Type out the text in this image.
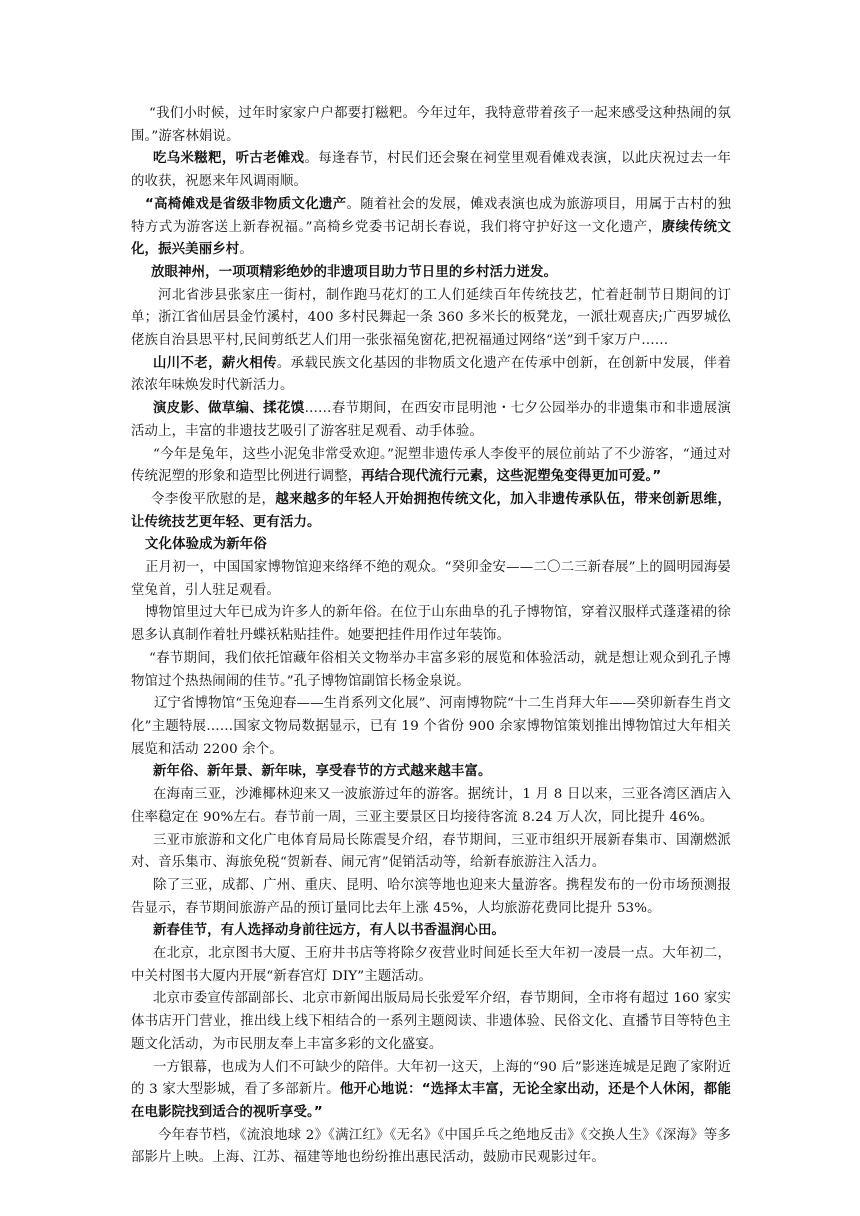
“我们小时候，过年时家家户户都要打糍粑。今年过年，我特意带着孩子一起来感受这种热闹的氛围。”游客林娟说。

吃乌米糍粑，听古老傩戏。每逢春节，村民们还会聚在祠堂里观看傩戏表演，以此庆祝过去一年的收获，祝愿来年风调雨顺。

“高椅傩戏是省级非物质文化遗产。随着社会的发展，傩戏表演也成为旅游项目，用属于古村的独特方式为游客送上新春祝福。”高椅乡党委书记胡长春说，我们将守护好这一文化遗产，赓续传统文化，振兴美丽乡村。

放眼神州，一项项精彩绝妙的非遗项目助力节日里的乡村活力迸发。

河北省涉县张家庄一街村，制作跑马花灯的工人们延续百年传统技艺，忙着赶制节日期间的订单；浙江省仙居县金竹溪村，400 多村民舞起一条 360 多米长的板凳龙，一派壮观喜庆;广西罗城仫佬族自治县思平村,民间剪纸艺人们用一张张福兔窗花,把祝福通过网络“送”到千家万户……

山川不老，薪火相传。承载民族文化基因的非物质文化遗产在传承中创新，在创新中发展，伴着浓浓年味焕发时代新活力。

演皮影、做草编、揉花馍……春节期间，在西安市昆明池・七夕公园举办的非遗集市和非遗展演活动上，丰富的非遗技艺吸引了游客驻足观看、动手体验。

“今年是兔年，这些小泥兔非常受欢迎。”泥塑非遗传承人李俊平的展位前站了不少游客，“通过对传统泥塑的形象和造型比例进行调整，再结合现代流行元素，这些泥塑兔变得更加可爱。”

令李俊平欣慰的是，越来越多的年轻人开始拥抱传统文化，加入非遗传承队伍，带来创新思维，让传统技艺更年轻、更有活力。

文化体验成为新年俗

正月初一，中国国家博物馆迎来络绎不绝的观众。“癸卯金安——二〇二三新春展”上的圆明园海晏堂兔首，引人驻足观看。

博物馆里过大年已成为许多人的新年俗。在位于山东曲阜的孔子博物馆，穿着汉服样式蓬蓬裙的徐恩多认真制作着牡丹蝶袄粘贴挂件。她要把挂件用作过年装饰。

“春节期间，我们依托馆藏年俗相关文物举办丰富多彩的展览和体验活动，就是想让观众到孔子博物馆过个热热闹闹的佳节。”孔子博物馆副馆长杨金泉说。

辽宁省博物馆“玉兔迎春——生肖系列文化展”、河南博物院“十二生肖拜大年——癸卯新春生肖文化”主题特展……国家文物局数据显示，已有 19 个省份 900 余家博物馆策划推出博物馆过大年相关展览和活动 2200 余个。

新年俗、新年景、新年味，享受春节的方式越来越丰富。

在海南三亚，沙滩椰林迎来又一波旅游过年的游客。据统计，1 月 8 日以来，三亚各湾区酒店入住率稳定在 90%左右。春节前一周，三亚主要景区日均接待客流 8.24 万人次，同比提升 46%。

三亚市旅游和文化广电体育局局长陈震旻介绍，春节期间，三亚市组织开展新春集市、国潮燃派对、音乐集市、海旅免税“贺新春、闹元宵”促销活动等，给新春旅游注入活力。

除了三亚，成都、广州、重庆、昆明、哈尔滨等地也迎来大量游客。携程发布的一份市场预测报告显示，春节期间旅游产品的预订量同比去年上涨 45%，人均旅游花费同比提升 53%。

新春佳节，有人选择动身前往远方，有人以书香温润心田。

在北京，北京图书大厦、王府井书店等将除夕夜营业时间延长至大年初一凌晨一点。大年初二，中关村图书大厦内开展“新春宫灯 DIY”主题活动。

北京市委宣传部副部长、北京市新闻出版局局长张爱军介绍，春节期间，全市将有超过 160 家实体书店开门营业，推出线上线下相结合的一系列主题阅读、非遗体验、民俗文化、直播节目等特色主题文化活动，为市民朋友奉上丰富多彩的文化盛宴。

一方银幕，也成为人们不可缺少的陪伴。大年初一这天，上海的“90 后”影迷连城是足跑了家附近的 3 家大型影城，看了多部新片。他开心地说：“选择太丰富，无论全家出动，还是个人休闲，都能在电影院找到适合的视听享受。”

今年春节档，《流浪地球 2》《满江红》《无名》《中国乒乓之绝地反击》《交换人生》《深海》等多部影片上映。上海、江苏、福建等地也纷纷推出惠民活动，鼓励市民观影过年。
